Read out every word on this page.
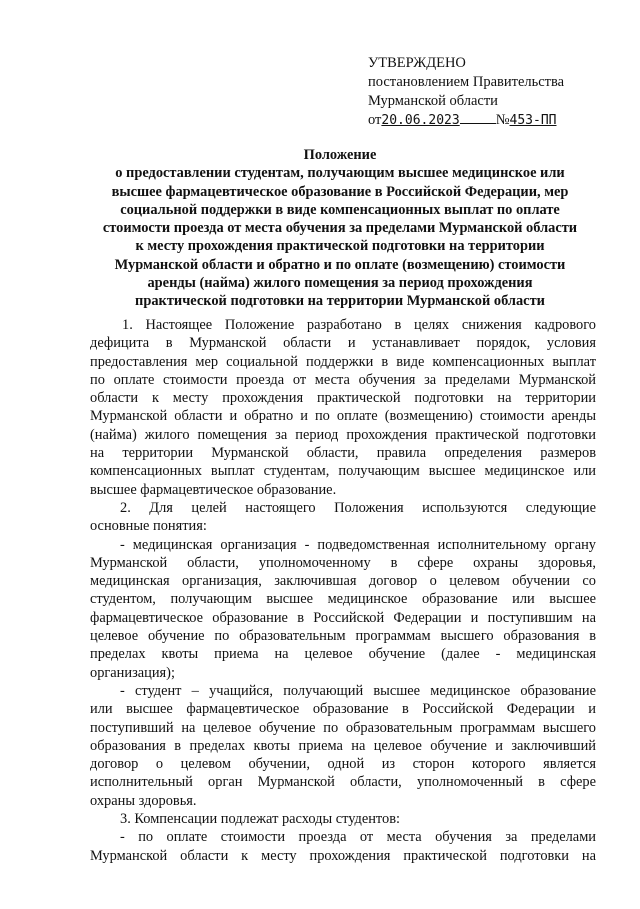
УТВЕРЖДЕНО
постановлением Правительства
Мурманской области
от20.06.2023 №453-ПП
Положение
о предоставлении студентам, получающим высшее медицинское или
высшее фармацевтическое образование в Российской Федерации, мер
социальной поддержки в виде компенсационных выплат по оплате
стоимости проезда от места обучения за пределами Мурманской области
к месту прохождения практической подготовки на территории
Мурманской области и обратно и по оплате (возмещению) стоимости
аренды (найма) жилого помещения за период прохождения
практической подготовки на территории Мурманской области
1. Настоящее Положение разработано в целях снижения кадрового
дефицита в Мурманской области и устанавливает порядок, условия
предоставления мер социальной поддержки в виде компенсационных выплат
по оплате стоимости проезда от места обучения за пределами Мурманской
области к месту прохождения практической подготовки на территории
Мурманской области и обратно и по оплате (возмещению) стоимости аренды
(найма) жилого помещения за период прохождения практической подготовки
на территории Мурманской области, правила определения размеров
компенсационных выплат студентам, получающим высшее медицинское или
высшее фармацевтическое образование.
2. Для целей настоящего Положения используются следующие
основные понятия:
- медицинская организация - подведомственная исполнительному органу
Мурманской области, уполномоченному в сфере охраны здоровья,
медицинская организация, заключившая договор о целевом обучении со
студентом, получающим высшее медицинское образование или высшее
фармацевтическое образование в Российской Федерации и поступившим на
целевое обучение по образовательным программам высшего образования в
пределах квоты приема на целевое обучение (далее - медицинская
организация);
- студент – учащийся, получающий высшее медицинское образование
или высшее фармацевтическое образование в Российской Федерации и
поступивший на целевое обучение по образовательным программам высшего
образования в пределах квоты приема на целевое обучение и заключивший
договор о целевом обучении, одной из сторон которого является
исполнительный орган Мурманской области, уполномоченный в сфере
охраны здоровья.
3. Компенсации подлежат расходы студентов:
- по оплате стоимости проезда от места обучения за пределами
Мурманской области к месту прохождения практической подготовки на
